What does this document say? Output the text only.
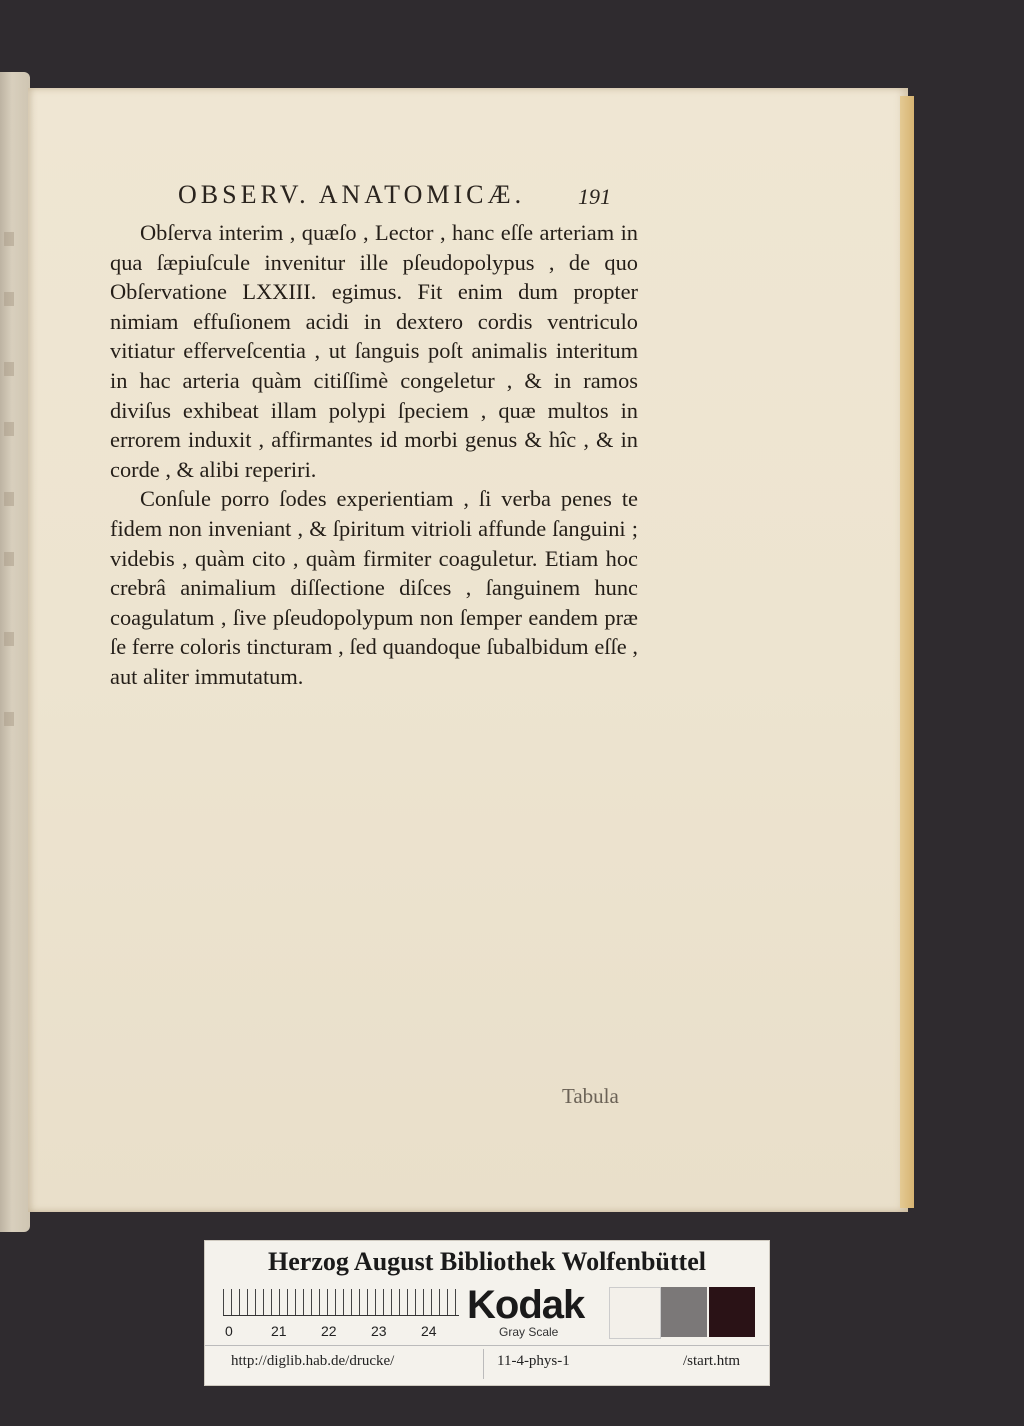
OBSERV. ANATOMICÆ. 191

Obſerva interim , quæſo , Lector , hanc eſſe arteriam in qua ſæpiuſcule invenitur ille pſeudopolypus , de quo Obſervatione LXXIII. egimus. Fit enim dum propter nimiam effuſionem acidi in dextero cordis ventriculo vitiatur efferveſcentia , ut ſanguis poſt animalis interitum in hac arteria quàm citiſſimè congeletur , & in ramos diviſus exhibeat illam polypi ſpeciem , quæ multos in errorem induxit , affirmantes id morbi genus & hîc , & in corde , & alibi reperiri.

Conſule porro ſodes experientiam , ſi verba penes te fidem non inveniant , & ſpiritum vitrioli affunde ſanguini ; videbis , quàm cito , quàm firmiter coaguletur. Etiam hoc crebrâ animalium diſſectione diſces , ſanguinem hunc coagulatum , ſive pſeudopolypum non ſemper eandem præ ſe ferre coloris tincturam , ſed quandoque ſubalbidum eſſe , aut aliter immutatum.

Tabula
Herzog August Bibliothek Wolfenbüttel
0	21 22 23 24
Kodak
Gray Scale
http://diglib.hab.de/drucke/	11-4-phys-1	/start.htm
